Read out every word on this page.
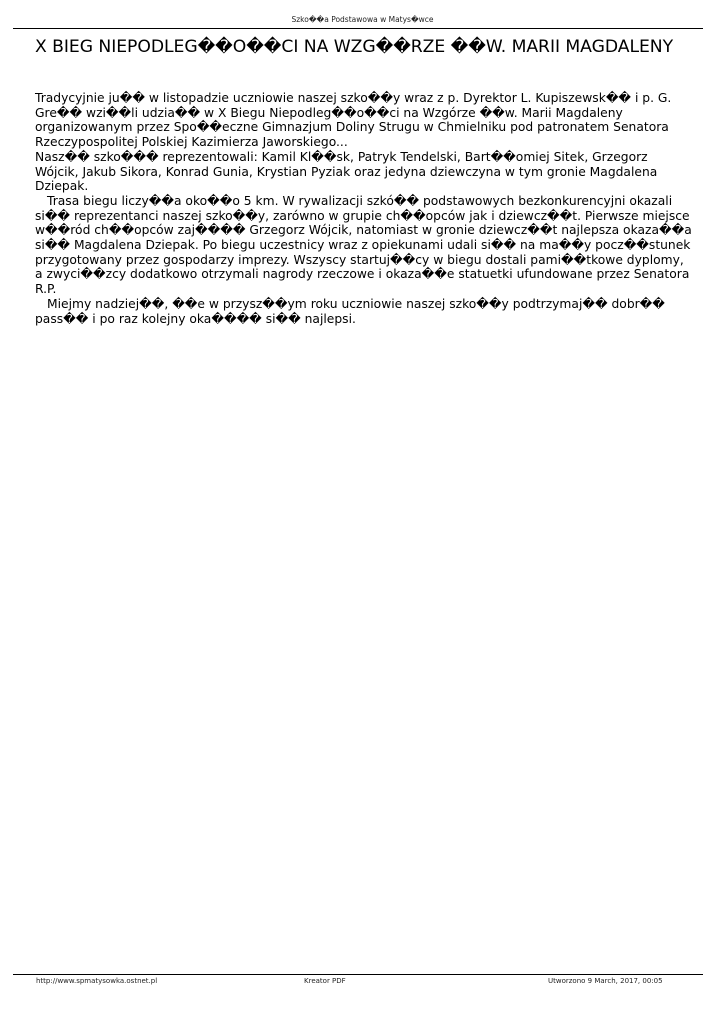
Szko��a Podstawowa w Matys�wce
X BIEG NIEPODLEG��O��CI NA WZG��RZE ��W. MARII MAGDALENY

Tradycyjnie ju�� w listopadzie uczniowie naszej szko��y wraz z p. Dyrektor L. Kupiszewsk�� i p. G. Gre�� wzi��li udzia�� w X Biegu Niepodleg��o��ci na Wzgórze ��w. Marii Magdaleny organizowanym przez Spo��eczne Gimnazjum Doliny Strugu w Chmielniku pod patronatem Senatora Rzeczypospolitej Polskiej Kazimierza Jaworskiego...

Nasz�� szko��� reprezentowali: Kamil Kl��sk, Patryk Tendelski, Bart��omiej Sitek, Grzegorz Wójcik, Jakub Sikora, Konrad Gunia, Krystian Pyziak oraz jedyna dziewczyna w tym gronie Magdalena Dziepak.

Trasa biegu liczy��a oko��o 5 km. W rywalizacji szkó�� podstawowych bezkonkurencyjni okazali si�� reprezentanci naszej szko��y, zarówno w grupie ch��opców jak i dziewcz��t. Pierwsze miejsce w��ród ch��opców zaj���� Grzegorz Wójcik, natomiast w gronie dziewcz��t najlepsza okaza��a si�� Magdalena Dziepak. Po biegu uczestnicy wraz z opiekunami udali si�� na ma��y pocz��stunek przygotowany przez gospodarzy imprezy. Wszyscy startuj��cy w biegu dostali pami��tkowe dyplomy, a zwyci��zcy dodatkowo otrzymali nagrody rzeczowe i okaza��e statuetki ufundowane przez Senatora R.P.

Miejmy nadziej��, ��e w przysz��ym roku uczniowie naszej szko��y podtrzymaj�� dobr�� pass�� i po raz kolejny oka���� si�� najlepsi.

http://www.spmatysowka.ostnet.pl	Kreator PDF	Utworzono 9 March, 2017, 00:05
